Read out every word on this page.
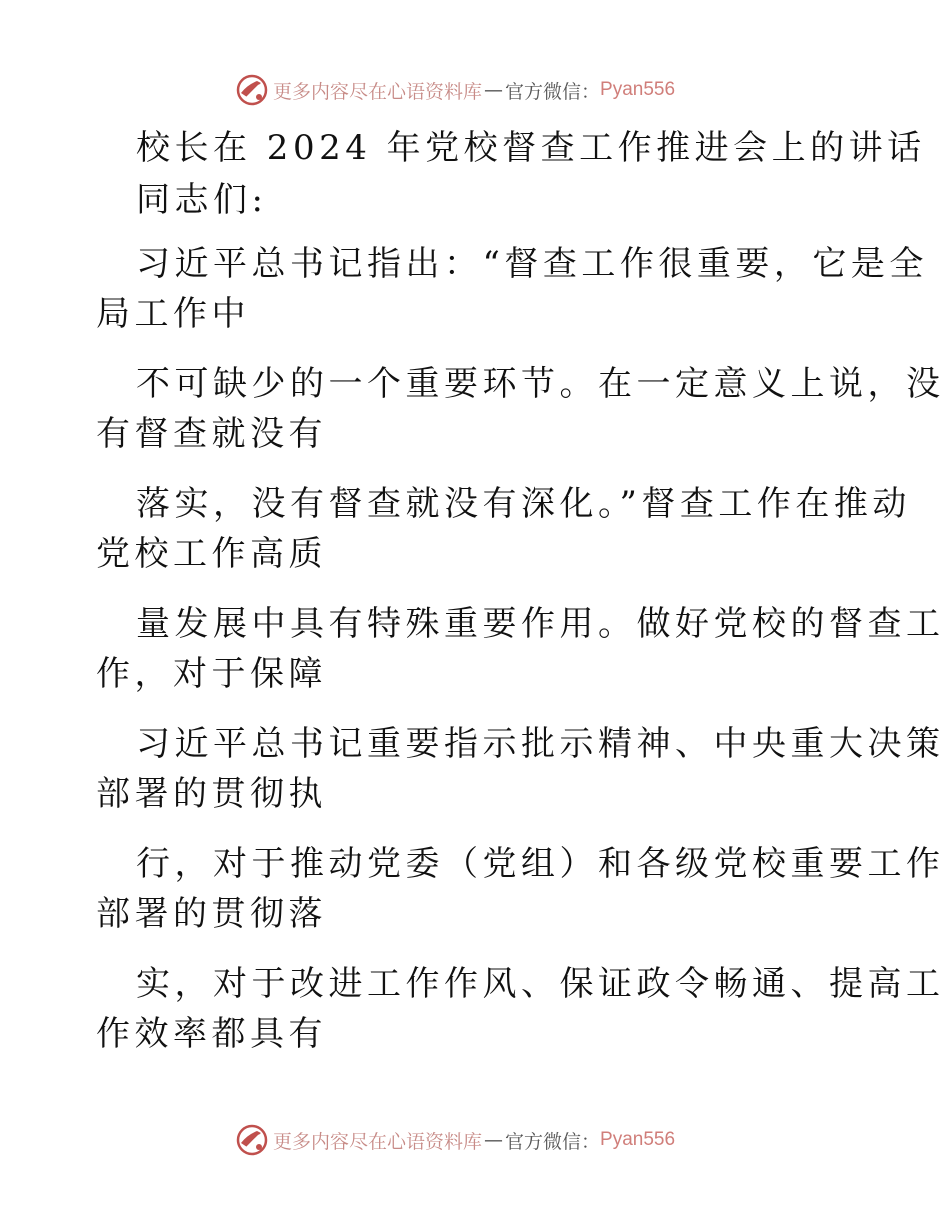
更多内容尽在心语资料库 — 官方微信： Pyan556
校长在 2024 年党校督查工作推进会上的讲话
同志们:
习近平总书记指出：“督查工作很重要，它是全
局工作中
不可缺少的一个重要环节。在一定意义上说，没
有督查就没有
落实，没有督查就没有深化。”督查工作在推动
党校工作高质
量发展中具有特殊重要作用。做好党校的督查工
作，对于保障
习近平总书记重要指示批示精神、中央重大决策
部署的贯彻执
行，对于推动党委（党组）和各级党校重要工作
部署的贯彻落
实，对于改进工作作风、保证政令畅通、提高工
作效率都具有
更多内容尽在心语资料库 — 官方微信： Pyan556
